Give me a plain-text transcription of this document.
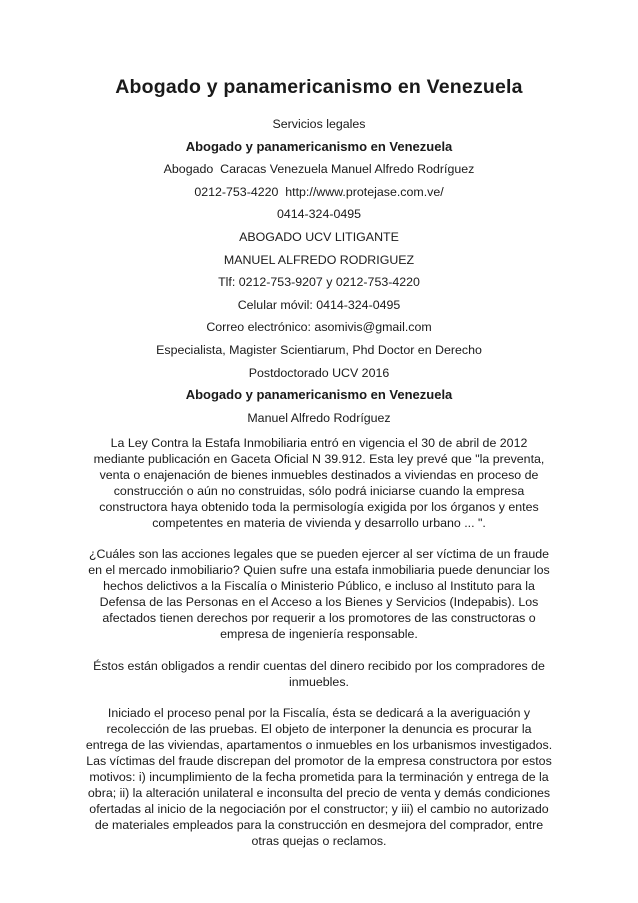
Abogado y panamericanismo en Venezuela
Servicios legales
Abogado y panamericanismo en Venezuela
Abogado  Caracas Venezuela Manuel Alfredo Rodríguez
0212-753-4220  http://www.protejase.com.ve/
0414-324-0495
ABOGADO UCV LITIGANTE
MANUEL ALFREDO RODRIGUEZ
Tlf: 0212-753-9207 y 0212-753-4220
Celular móvil: 0414-324-0495
Correo electrónico: asomivis@gmail.com
Especialista, Magister Scientiarum, Phd Doctor en Derecho
Postdoctorado UCV 2016
Abogado y panamericanismo en Venezuela
Manuel Alfredo Rodríguez

La Ley Contra la Estafa Inmobiliaria entró en vigencia el 30 de abril de 2012 mediante publicación en Gaceta Oficial N 39.912. Esta ley prevé que "la preventa, venta o enajenación de bienes inmuebles destinados a viviendas en proceso de construcción o aún no construidas, sólo podrá iniciarse cuando la empresa constructora haya obtenido toda la permisología exigida por los órganos y entes competentes en materia de vivienda y desarrollo urbano ... ".

¿Cuáles son las acciones legales que se pueden ejercer al ser víctima de un fraude en el mercado inmobiliario? Quien sufre una estafa inmobiliaria puede denunciar los hechos delictivos a la Fiscalía o Ministerio Público, e incluso al Instituto para la Defensa de las Personas en el Acceso a los Bienes y Servicios (Indepabis). Los afectados tienen derechos por requerir a los promotores de las constructoras o empresa de ingeniería responsable.

Éstos están obligados a rendir cuentas del dinero recibido por los compradores de inmuebles.

Iniciado el proceso penal por la Fiscalía, ésta se dedicará a la averiguación y recolección de las pruebas. El objeto de interponer la denuncia es procurar la entrega de las viviendas, apartamentos o inmuebles en los urbanismos investigados. Las víctimas del fraude discrepan del promotor de la empresa constructora por estos motivos: i) incumplimiento de la fecha prometida para la terminación y entrega de la obra; ii) la alteración unilateral e inconsulta del precio de venta y demás condiciones ofertadas al inicio de la negociación por el constructor; y iii) el cambio no autorizado de materiales empleados para la construcción en desmejora del comprador, entre otras quejas o reclamos.
